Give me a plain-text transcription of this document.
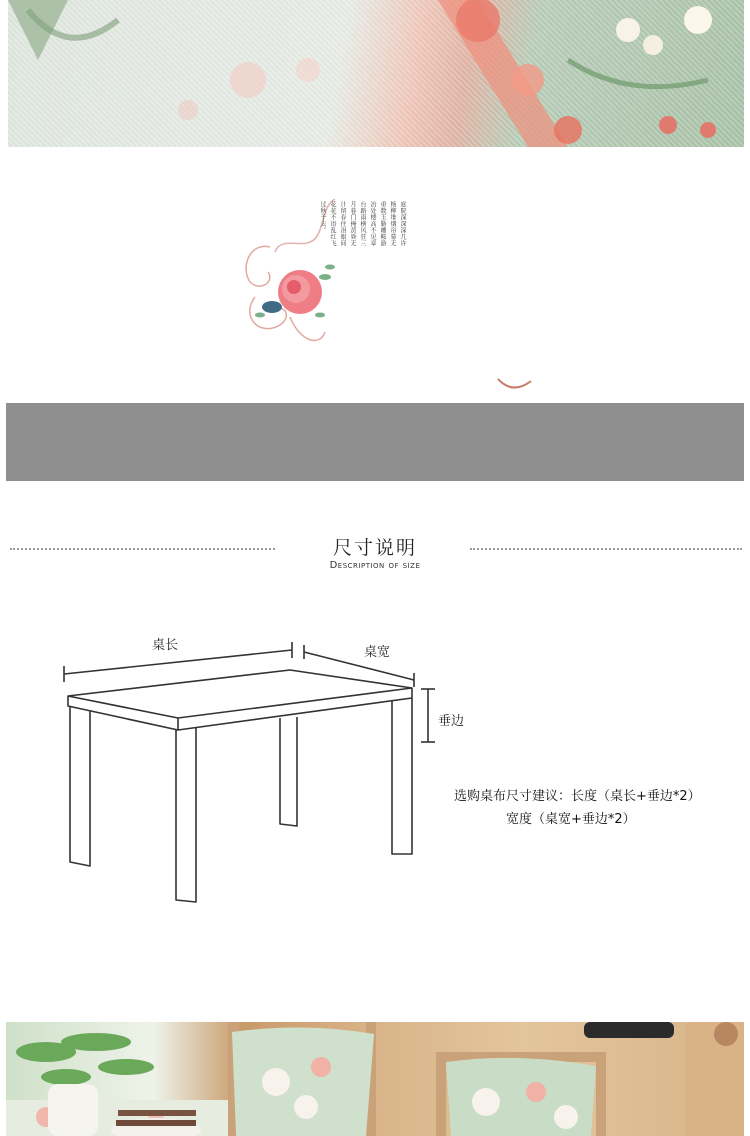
庭院深深深几许
杨柳堆烟帘幕无
重数玉勒雕鞍游
冶处楼高不见章
台路雨横风狂三
月暮门掩黄昏无
计留春住泪眼问
花花不语乱红飞
过秋千去。
尺寸说明
Description of size
桌长	桌宽
垂边
选购桌布尺寸建议：长度（桌长+垂边*2）
宽度（桌宽+垂边*2）
